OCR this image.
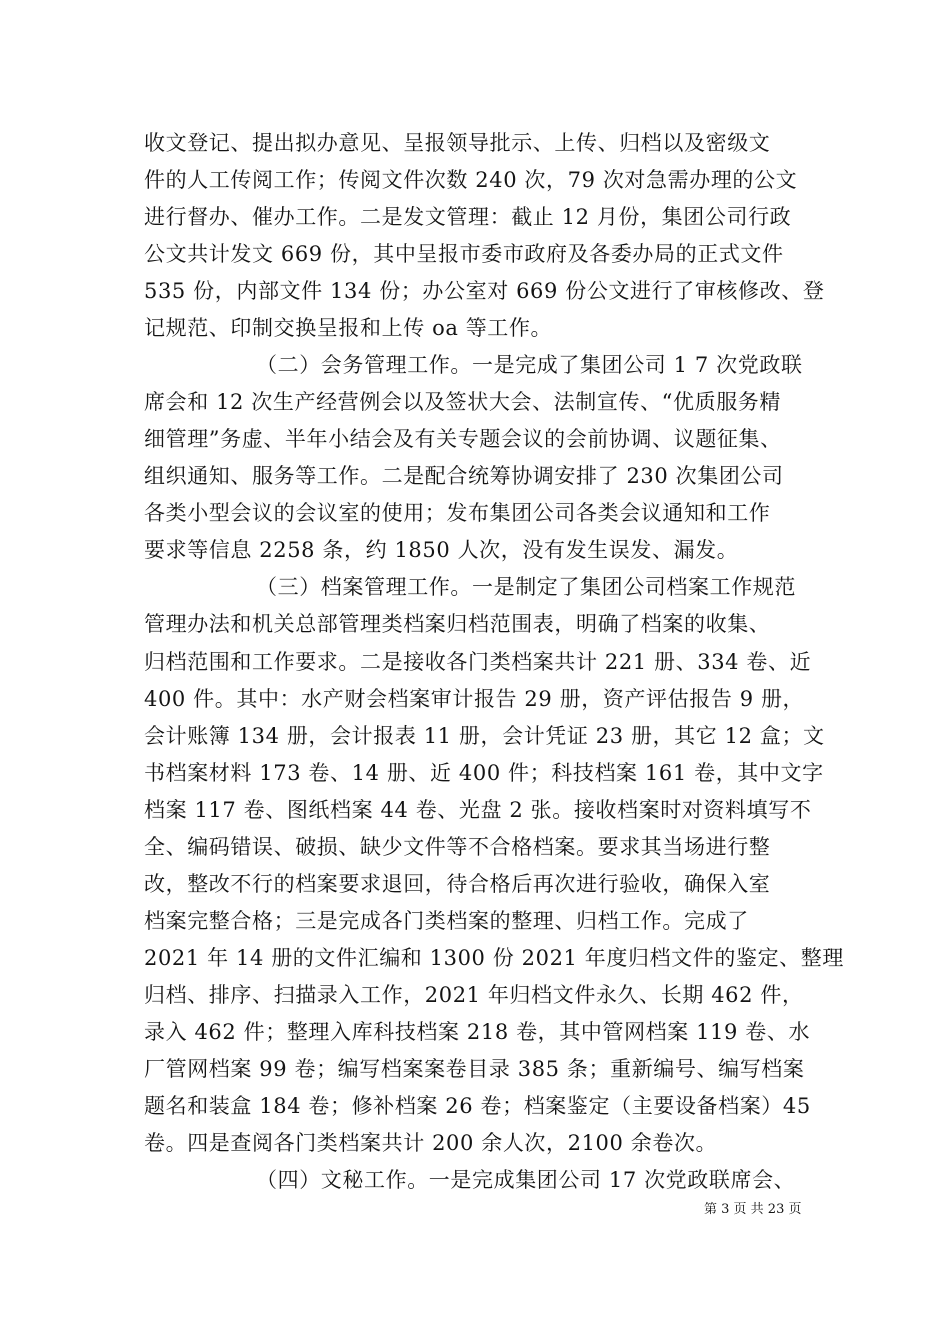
收文登记、提出拟办意见、呈报领导批示、上传、归档以及密级文
件的人工传阅工作；传阅文件次数 240 次，79 次对急需办理的公文
进行督办、催办工作。二是发文管理：截止 12 月份，集团公司行政
公文共计发文 669 份，其中呈报市委市政府及各委办局的正式文件
535 份，内部文件 134 份；办公室对 669 份公文进行了审核修改、登
记规范、印制交换呈报和上传 oa 等工作。
（二）会务管理工作。一是完成了集团公司 1 7 次党政联
席会和 12 次生产经营例会以及签状大会、法制宣传、“优质服务精
细管理”务虚、半年小结会及有关专题会议的会前协调、议题征集、
组织通知、服务等工作。二是配合统筹协调安排了 230 次集团公司
各类小型会议的会议室的使用；发布集团公司各类会议通知和工作
要求等信息 2258 条，约 1850 人次，没有发生误发、漏发。
（三）档案管理工作。一是制定了集团公司档案工作规范
管理办法和机关总部管理类档案归档范围表，明确了档案的收集、
归档范围和工作要求。二是接收各门类档案共计 221 册、334 卷、近
400 件。其中：水产财会档案审计报告 29 册，资产评估报告 9 册，
会计账簿 134 册，会计报表 11 册，会计凭证 23 册，其它 12 盒；文
书档案材料 173 卷、14 册、近 400 件；科技档案 161 卷，其中文字
档案 117 卷、图纸档案 44 卷、光盘 2 张。接收档案时对资料填写不
全、编码错误、破损、缺少文件等不合格档案。要求其当场进行整
改，整改不行的档案要求退回，待合格后再次进行验收，确保入室
档案完整合格；三是完成各门类档案的整理、归档工作。完成了
2021 年 14 册的文件汇编和 1300 份 2021 年度归档文件的鉴定、整理
归档、排序、扫描录入工作，2021 年归档文件永久、长期 462 件，
录入 462 件；整理入库科技档案 218 卷，其中管网档案 119 卷、水
厂管网档案 99 卷；编写档案案卷目录 385 条；重新编号、编写档案
题名和装盒 184 卷；修补档案 26 卷；档案鉴定（主要设备档案）45
卷。四是查阅各门类档案共计 200 余人次，2100 余卷次。
（四）文秘工作。一是完成集团公司 17 次党政联席会、
第 3 页 共 23 页
